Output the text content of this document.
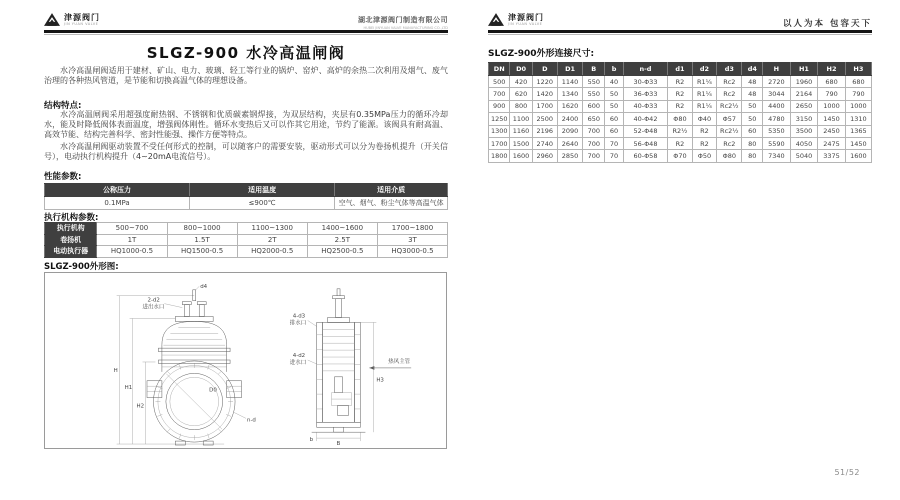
津源阀门
JIN YUAN VALVE	湖北津源阀门制造有限公司
HUBEI JINYUAN VALVE MANUFACTURING CO.,LTD
SLGZ-900 水冷高温闸阀
水冷高温闸阀适用于建材、矿山、电力、玻璃、轻工等行业的锅炉、窑炉、高炉的余热二次利用及烟气、废气治理的各种热风管道，是节能和切换高温气体的理想设备。
结构特点:
水冷高温闸阀采用超强度耐热钢、不锈钢和优质碳素钢焊接，为双层结构，夹层有0.35MPa压力的循环冷却水，能及时降低阀体表面温度，增强阀体刚性。循环水变热后又可以作其它用途，节约了能源。该阀具有耐高温、高效节能、结构完善科学、密封性能强、操作方便等特点。
水冷高温闸阀驱动装置不受任何形式的控制，可以随客户的需要安装，驱动形式可以分为卷扬机提升（开关信号），电动执行机构提升（4~20mA电流信号）。
性能参数:
公称压力	适用温度	适用介质
0.1MPa	≤900℃	空气、烟气、粉尘气体等高温气体
执行机构参数:
执行机构	500~700	800~1000	1100~1300	1400~1600	1700~1800
卷扬机	1T	1.5T	2T	2.5T	3T
电动执行器	HQ1000-0.5	HQ1500-0.5	HQ2000-0.5	HQ2500-0.5	HQ3000-0.5
SLGZ-900外形图:
H
H1
H2
d4
2-d2
进出水口
n-d
D0
4-d3
排水口
4-d2
进水口	热风主管
H3
B
b
津源阀门
JIN YUAN VALVE	以人为本 包容天下
SLGZ-900外形连接尺寸:
DN	D0	D	D1	B	b	n-d	d1	d2	d3	d4	H	H1	H2	H3
500	420	1220	1140	550	40	30-Φ33	R2	R1¼	Rc2	48	2720	1960	680	680
700	620	1420	1340	550	50	36-Φ33	R2	R1¼	Rc2	48	3044	2164	790	790
900	800	1700	1620	600	50	40-Φ33	R2	R1¼	Rc2½	50	4400	2650	1000	1000
1250	1100	2500	2400	650	60	40-Φ42	Φ80	Φ40	Φ57	50	4780	3150	1450	1310
1300	1160	2196	2090	700	60	52-Φ48	R2½	R2	Rc2½	60	5350	3500	2450	1365
1700	1500	2740	2640	700	70	56-Φ48	R2	R2	Rc2	80	5590	4050	2475	1450
1800	1600	2960	2850	700	70	60-Φ58	Φ70	Φ50	Φ80	80	7340	5040	3375	1600
51/52
